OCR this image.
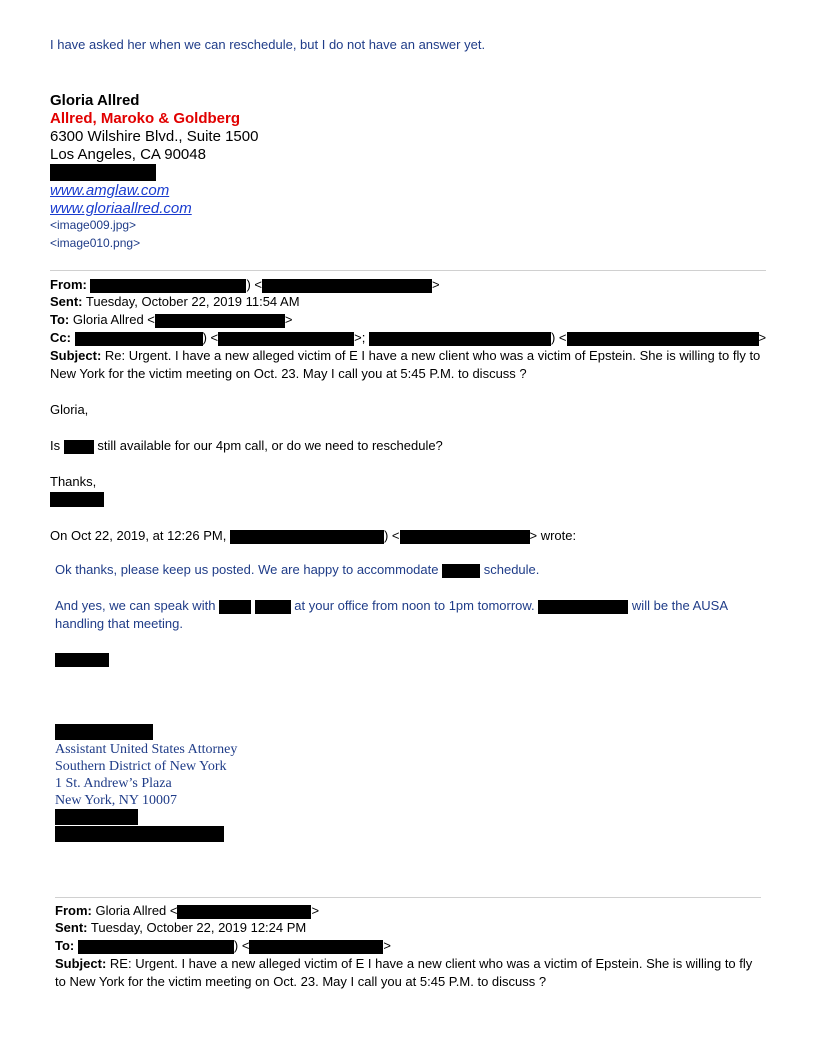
I have asked her when we can reschedule, but I do not have an answer yet.
Gloria Allred
Allred, Maroko & Goldberg
6300 Wilshire Blvd., Suite 1500
Los Angeles, CA 90048
www.amglaw.com
www.gloriaallred.com
<image009.jpg>
<image010.png>
From:	) <	>
Sent: Tuesday, October 22, 2019 11:54 AM
To: Gloria Allred <	>
Cc:	) <	>;	) <	>
Subject: Re: Urgent. I have a new alleged victim of E I have a new client who was a victim of Epstein. She is willing to fly to New York for the victim meeting on Oct. 23. May I call you at 5:45 P.M. to discuss ?
Gloria,
Is	still available for our 4pm call, or do we need to reschedule?
Thanks,
On Oct 22, 2019, at 12:26 PM,	) <	> wrote:
Ok thanks, please keep us posted. We are happy to accommodate	schedule.
And yes, we can speak with	at your office from noon to 1pm tomorrow.	will be the AUSA
handling that meeting.
Assistant United States Attorney
Southern District of New York
1 St. Andrew’s Plaza
New York, NY 10007
From: Gloria Allred <	>
Sent: Tuesday, October 22, 2019 12:24 PM
To:	) <	>
Subject: RE: Urgent. I have a new alleged victim of E I have a new client who was a victim of Epstein. She is willing to fly to New York for the victim meeting on Oct. 23. May I call you at 5:45 P.M. to discuss ?
